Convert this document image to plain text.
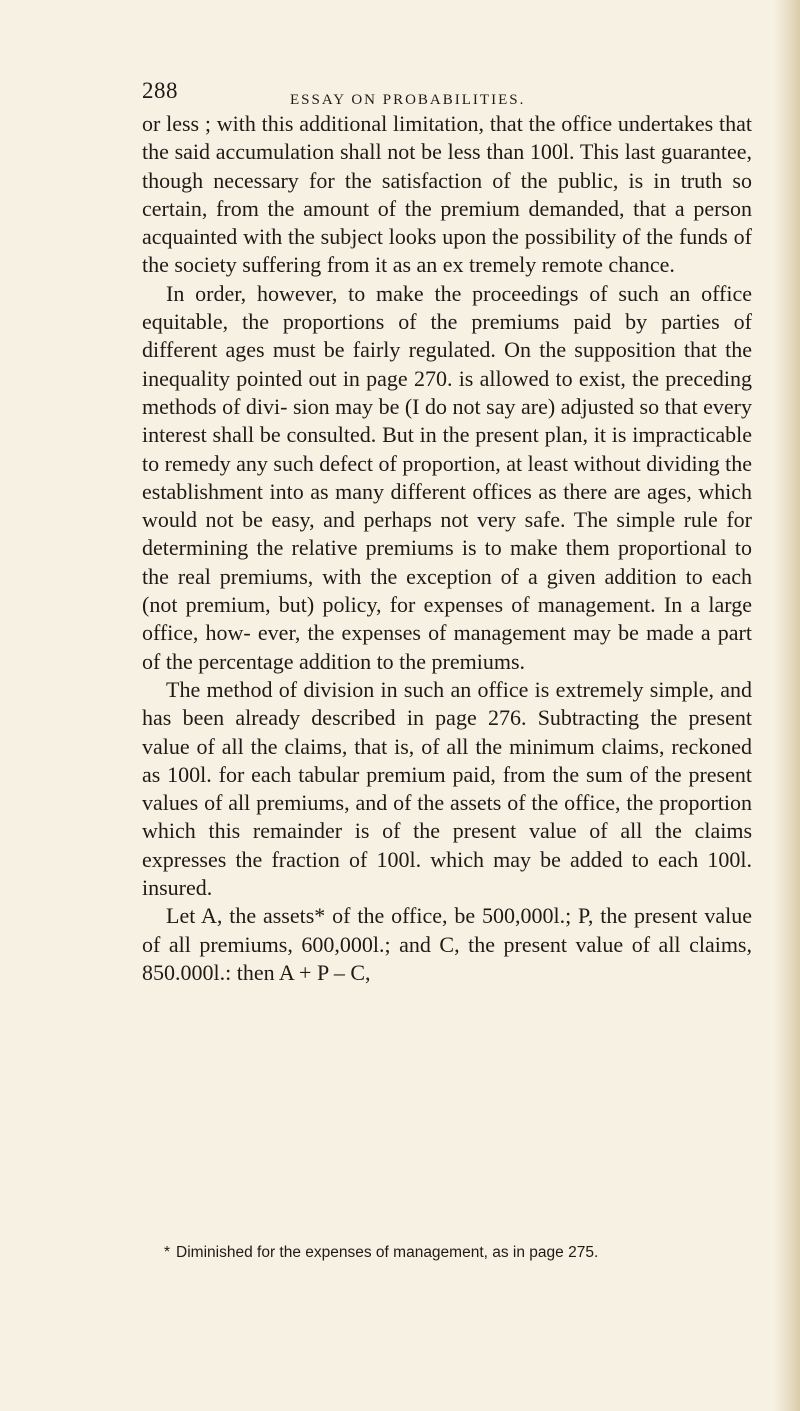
288	ESSAY ON PROBABILITIES.

or less ; with this additional limitation, that the office undertakes that the said accumulation shall not be less than 100l. This last guarantee, though necessary for the satisfaction of the public, is in truth so certain, from the amount of the premium demanded, that a person acquainted with the subject looks upon the possibility of the funds of the society suffering from it as an ex tremely remote chance.

In order, however, to make the proceedings of such an office equitable, the proportions of the premiums paid by parties of different ages must be fairly regulated. On the supposition that the inequality pointed out in page 270. is allowed to exist, the preceding methods of divi- sion may be (I do not say are) adjusted so that every interest shall be consulted. But in the present plan, it is impracticable to remedy any such defect of proportion, at least without dividing the establishment into as many different offices as there are ages, which would not be easy, and perhaps not very safe. The simple rule for determining the relative premiums is to make them proportional to the real premiums, with the exception of a given addition to each (not premium, but) policy, for expenses of management. In a large office, how- ever, the expenses of management may be made a part of the percentage addition to the premiums.

The method of division in such an office is extremely simple, and has been already described in page 276. Subtracting the present value of all the claims, that is, of all the minimum claims, reckoned as 100l. for each tabular premium paid, from the sum of the present values of all premiums, and of the assets of the office, the proportion which this remainder is of the present value of all the claims expresses the fraction of 100l. which may be added to each 100l. insured.

Let A, the assets* of the office, be 500,000l.; P, the present value of all premiums, 600,000l.; and C, the present value of all claims, 850.000l.: then A + P – C,

* Diminished for the expenses of management, as in page 275.
